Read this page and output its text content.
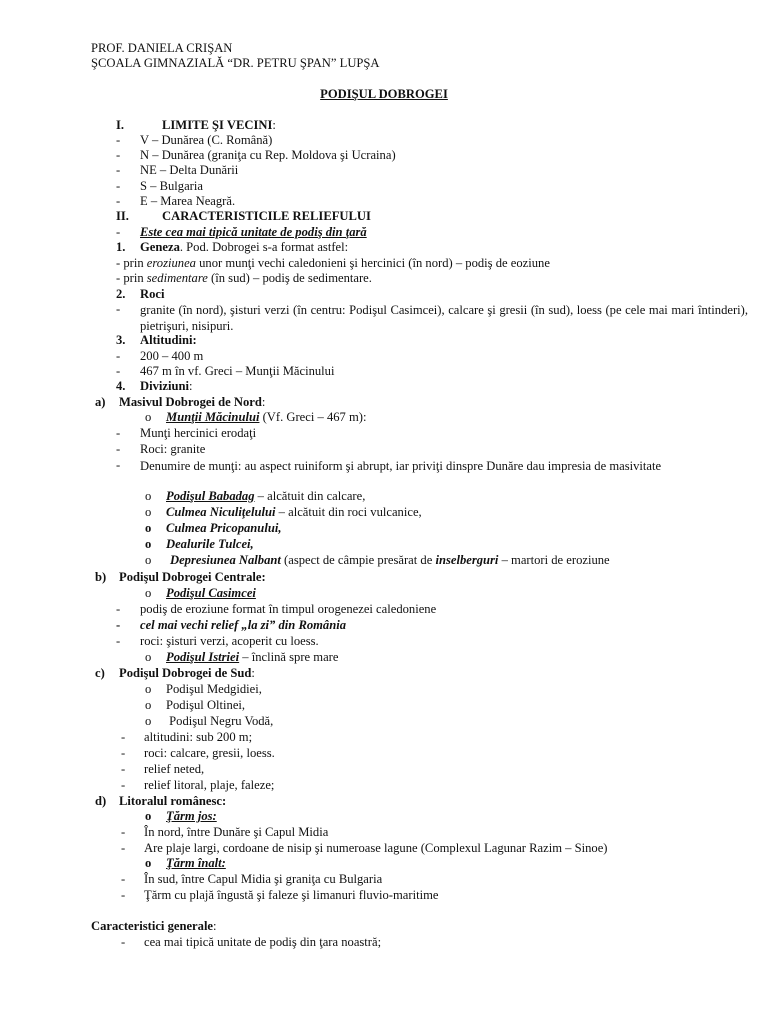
PROF. DANIELA CRIŞAN
ŞCOALA GIMNAZIALĂ “DR. PETRU ŞPAN” LUPŞA
PODIŞUL DOBROGEI
I.	LIMITE ŞI VECINI:
- V – Dunărea (C. Română)
- N – Dunărea (graniţa cu Rep. Moldova şi Ucraina)
- NE – Delta Dunării
- S – Bulgaria
- E – Marea Neagră.
II.	CARACTERISTICILE RELIEFULUI
- Este cea mai tipică unitate de podiş din ţară
1. Geneza. Pod. Dobrogei s-a format astfel:
- prin eroziunea unor munţi vechi caledonieni şi hercinici (în nord) – podiş de eoziune
- prin sedimentare (în sud) – podiş de sedimentare.
2. Roci
- granite (în nord), şisturi verzi (în centru: Podişul Casimcei), calcare şi gresii (în sud), loess (pe cele mai mari întinderi), pietrişuri, nisipuri.
3. Altitudini:
- 200 – 400 m
- 467 m în vf. Greci – Munţii Măcinului
4. Diviziuni:
a) Masivul Dobrogei de Nord:
o Munţii Măcinului (Vf. Greci – 467 m):
- Munţi hercinici erodaţi
- Roci: granite
- Denumire de munţi: au aspect ruiniform şi abrupt, iar priviţi dinspre Dunăre dau impresia de masivitate
o Podişul Babadag – alcătuit din calcare,
o Culmea Niculiţelului – alcătuit din roci vulcanice,
o Culmea Pricopanului,
o Dealurile Tulcei,
o Depresiunea Nalbant (aspect de câmpie presărat de inselberguri – martori de eroziune
b) Podişul Dobrogei Centrale:
o Podişul Casimcei
- podiş de eroziune format în timpul orogenezei caledoniene
- cel mai vechi relief „la zi” din România
- roci: şisturi verzi, acoperit cu loess.
o Podişul Istriei – înclină spre mare
c) Podişul Dobrogei de Sud:
o Podişul Medgidiei,
o Podişul Oltinei,
o Podişul Negru Vodă,
- altitudini: sub 200 m;
- roci: calcare, gresii, loess.
- relief neted,
- relief litoral, plaje, faleze;
d) Litoralul românesc:
o Ţărm jos:
- În nord, între Dunăre şi Capul Midia
- Are plaje largi, cordoane de nisip şi numeroase lagune (Complexul Lagunar Razim – Sinoe)
o Ţărm înalt:
- În sud, între Capul Midia şi graniţa cu Bulgaria
- Ţărm cu plajă îngustă şi faleze şi limanuri fluvio-maritime
Caracteristici generale:
- cea mai tipică unitate de podiş din ţara noastră;
